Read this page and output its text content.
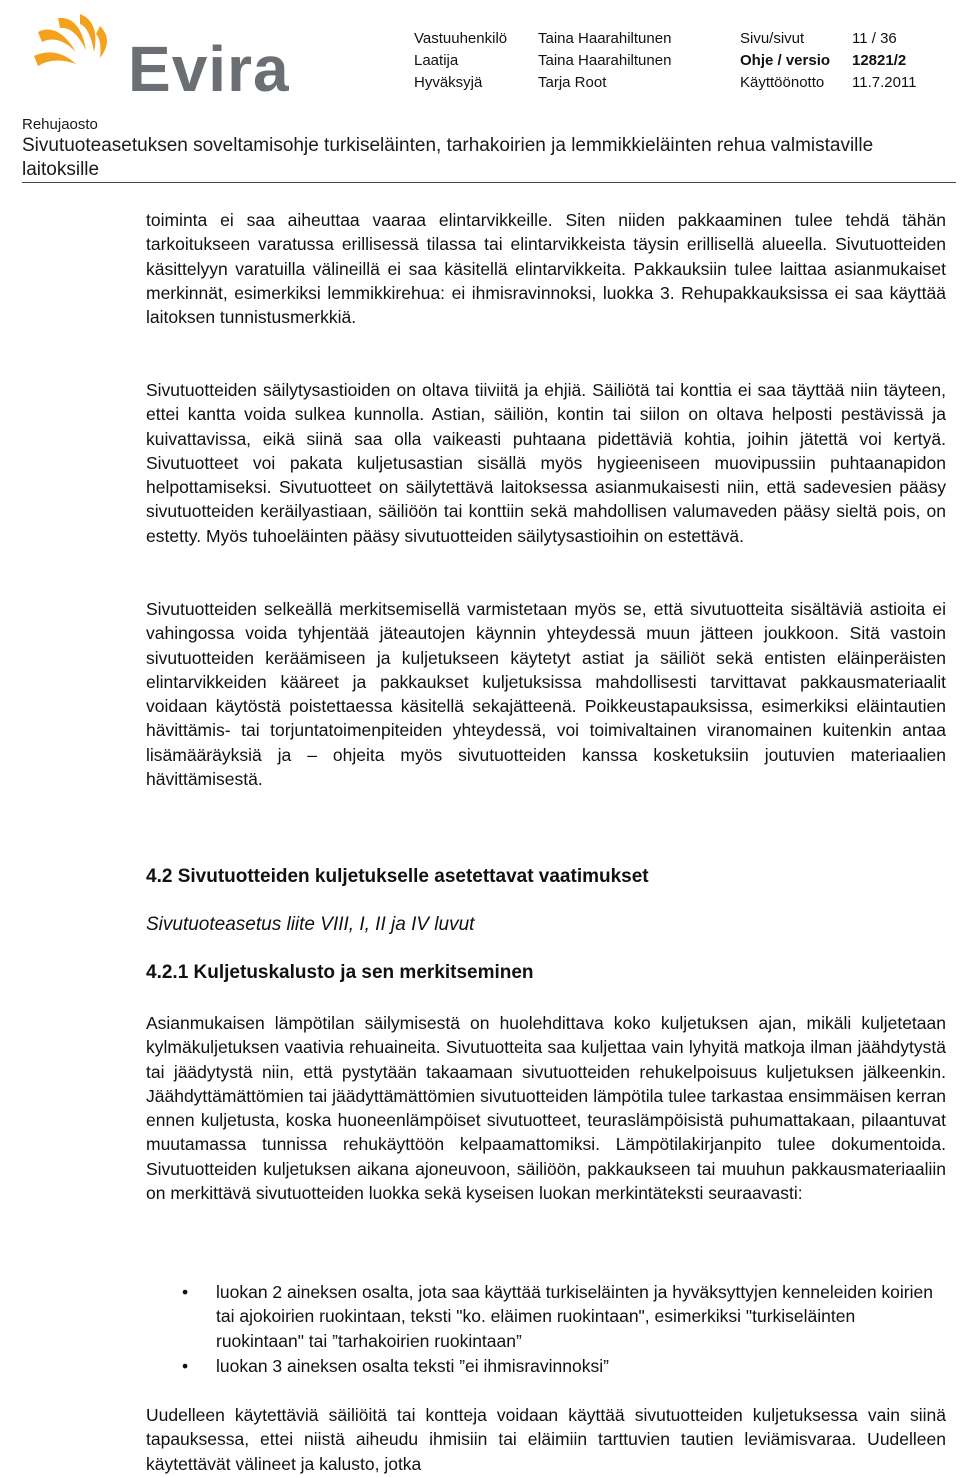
Evira	Vastuuhenkilö
Laatija
Hyväksyjä
Taina Haarahiltunen
Taina Haarahiltunen
Tarja Root
Sivu/sivut
Ohje / versio
Käyttöönotto
11 / 36
12821/2
11.7.2011
Rehujaosto
Sivutuoteasetuksen soveltamisohje turkiseläinten, tarhakoirien ja lemmikkieläinten rehua valmistaville laitoksille

toiminta ei saa aiheuttaa vaaraa elintarvikkeille. Siten niiden pakkaaminen tulee tehdä tähän tarkoitukseen varatussa erillisessä tilassa tai elintarvikkeista täysin erillisellä alueella. Sivutuotteiden käsittelyyn varatuilla välineillä ei saa käsitellä elintarvikkeita. Pakkauksiin tulee laittaa asianmukaiset merkinnät, esimerkiksi lemmikkirehua: ei ihmisravinnoksi, luokka 3. Rehupakkauksissa ei saa käyttää laitoksen tunnistusmerkkiä.

Sivutuotteiden säilytysastioiden on oltava tiiviitä ja ehjiä. Säiliötä tai konttia ei saa täyttää niin täyteen, ettei kantta voida sulkea kunnolla. Astian, säiliön, kontin tai siilon on oltava helposti pestävissä ja kuivattavissa, eikä siinä saa olla vaikeasti puhtaana pidettäviä kohtia, joihin jätettä voi kertyä. Sivutuotteet voi pakata kuljetusastian sisällä myös hygieeniseen muovipussiin puhtaanapidon helpottamiseksi. Sivutuotteet on säilytettävä laitoksessa asianmukaisesti niin, että sadevesien pääsy sivutuotteiden keräilyastiaan, säiliöön tai konttiin sekä mahdollisen valumaveden pääsy sieltä pois, on estetty. Myös tuhoeläinten pääsy sivutuotteiden säilytysastioihin on estettävä.

Sivutuotteiden selkeällä merkitsemisellä varmistetaan myös se, että sivutuotteita sisältäviä astioita ei vahingossa voida tyhjentää jäteautojen käynnin yhteydessä muun jätteen joukkoon. Sitä vastoin sivutuotteiden keräämiseen ja kuljetukseen käytetyt astiat ja säiliöt sekä entisten eläinperäisten elintarvikkeiden kääreet ja pakkaukset kuljetuksissa mahdollisesti tarvittavat pakkausmateriaalit voidaan käytöstä poistettaessa käsitellä sekajätteenä. Poikkeustapauksissa, esimerkiksi eläintautien hävittämis- tai torjuntatoimenpiteiden yhteydessä, voi toimivaltainen viranomainen kuitenkin antaa lisämääräyksiä ja – ohjeita myös sivutuotteiden kanssa kosketuksiin joutuvien materiaalien hävittämisestä.

4.2 Sivutuotteiden kuljetukselle asetettavat vaatimukset
Sivutuoteasetus liite VIII, I, II ja IV luvut
4.2.1 Kuljetuskalusto ja sen merkitseminen

Asianmukaisen lämpötilan säilymisestä on huolehdittava koko kuljetuksen ajan, mikäli kuljetetaan kylmäkuljetuksen vaativia rehuaineita. Sivutuotteita saa kuljettaa vain lyhyitä matkoja ilman jäähdytystä tai jäädytystä niin, että pystytään takaamaan sivutuotteiden rehukelpoisuus kuljetuksen jälkeenkin. Jäähdyttämättömien tai jäädyttämättömien sivutuotteiden lämpötila tulee tarkastaa ensimmäisen kerran ennen kuljetusta, koska huoneenlämpöiset sivutuotteet, teuraslämpöisistä puhumattakaan, pilaantuvat muutamassa tunnissa rehukäyttöön kelpaamattomiksi. Lämpötilakirjanpito tulee dokumentoida. Sivutuotteiden kuljetuksen aikana ajoneuvoon, säiliöön, pakkaukseen tai muuhun pakkausmateriaaliin on merkittävä sivutuotteiden luokka sekä kyseisen luokan merkintäteksti seuraavasti:

• luokan 2 aineksen osalta, jota saa käyttää turkiseläinten ja hyväksyttyjen kenneleiden koirien tai ajokoirien ruokintaan, teksti "ko. eläimen ruokintaan", esimerkiksi "turkiseläinten ruokintaan" tai ”tarhakoirien ruokintaan”
• luokan 3 aineksen osalta teksti ”ei ihmisravinnoksi”

Uudelleen käytettäviä säiliöitä tai kontteja voidaan käyttää sivutuotteiden kuljetuksessa vain siinä tapauksessa, ettei niistä aiheudu ihmisiin tai eläimiin tarttuvien tautien leviämisvaraa. Uudelleen käytettävät välineet ja kalusto, jotka
